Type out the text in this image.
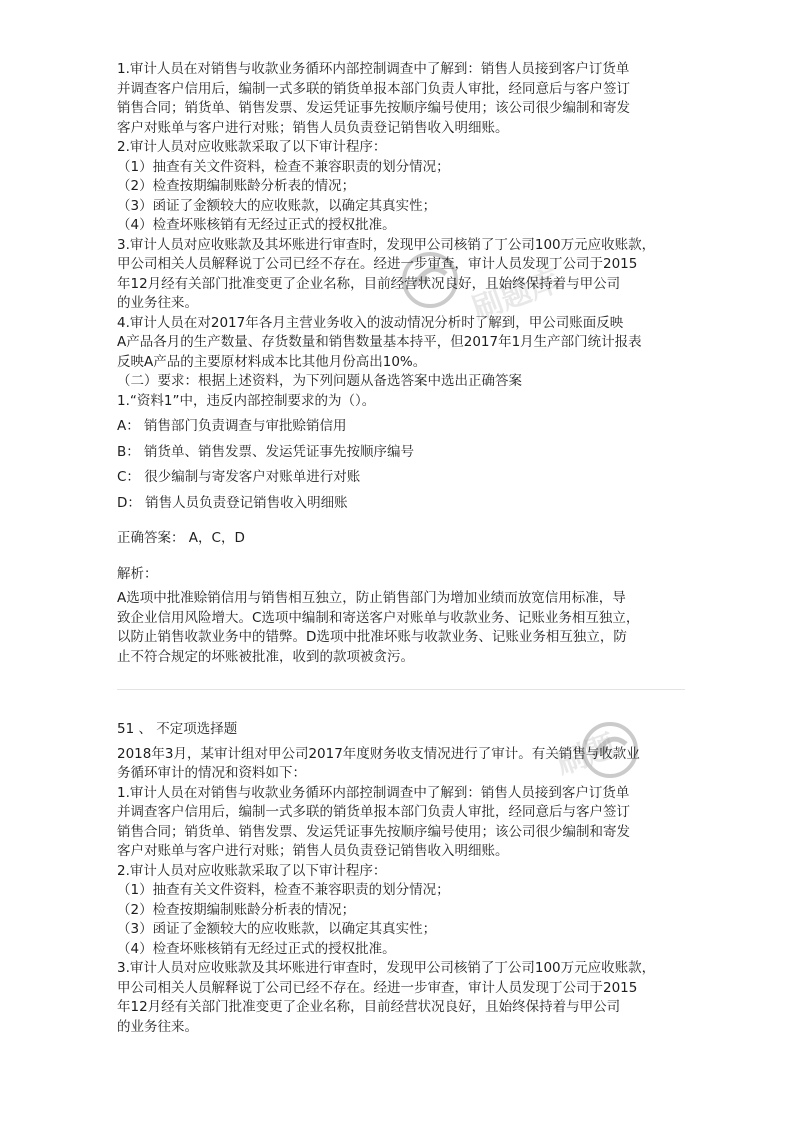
刷题库
刷题
1.审计人员在对销售与收款业务循环内部控制调查中了解到：销售人员接到客户订货单
并调查客户信用后，编制一式多联的销货单报本部门负责人审批，经同意后与客户签订
销售合同；销货单、销售发票、发运凭证事先按顺序编号使用；该公司很少编制和寄发
客户对账单与客户进行对账；销售人员负责登记销售收入明细账。
2.审计人员对应收账款采取了以下审计程序：
（1）抽查有关文件资料，检查不兼容职责的划分情况；
（2）检查按期编制账龄分析表的情况；
（3）函证了金额较大的应收账款，以确定其真实性；
（4）检查坏账核销有无经过正式的授权批准。
3.审计人员对应收账款及其坏账进行审查时，发现甲公司核销了丁公司100万元应收账款，
甲公司相关人员解释说丁公司已经不存在。经进一步审查，审计人员发现丁公司于2015
年12月经有关部门批准变更了企业名称，目前经营状况良好，且始终保持着与甲公司
的业务往来。
4.审计人员在对2017年各月主营业务收入的波动情况分析时了解到，甲公司账面反映
A产品各月的生产数量、存货数量和销售数量基本持平，但2017年1月生产部门统计报表
反映A产品的主要原材料成本比其他月份高出10%。
（二）要求：根据上述资料，为下列问题从备选答案中选出正确答案
1.“资料1”中，违反内部控制要求的为（）。
A： 销售部门负责调查与审批赊销信用
B： 销货单、销售发票、发运凭证事先按顺序编号
C： 很少编制与寄发客户对账单进行对账
D： 销售人员负责登记销售收入明细账
正确答案： A，C，D
解析：
A选项中批准赊销信用与销售相互独立，防止销售部门为增加业绩而放宽信用标准，导
致企业信用风险增大。C选项中编制和寄送客户对账单与收款业务、记账业务相互独立，
以防止销售收款业务中的错弊。D选项中批准坏账与收款业务、记账业务相互独立，防
止不符合规定的坏账被批准，收到的款项被贪污。
51 、 不定项选择题
2018年3月，某审计组对甲公司2017年度财务收支情况进行了审计。有关销售与收款业
务循环审计的情况和资料如下：
1.审计人员在对销售与收款业务循环内部控制调查中了解到：销售人员接到客户订货单
并调查客户信用后，编制一式多联的销货单报本部门负责人审批，经同意后与客户签订
销售合同；销货单、销售发票、发运凭证事先按顺序编号使用；该公司很少编制和寄发
客户对账单与客户进行对账；销售人员负责登记销售收入明细账。
2.审计人员对应收账款采取了以下审计程序：
（1）抽查有关文件资料，检查不兼容职责的划分情况；
（2）检查按期编制账龄分析表的情况；
（3）函证了金额较大的应收账款，以确定其真实性；
（4）检查坏账核销有无经过正式的授权批准。
3.审计人员对应收账款及其坏账进行审查时，发现甲公司核销了丁公司100万元应收账款，
甲公司相关人员解释说丁公司已经不存在。经进一步审查，审计人员发现丁公司于2015
年12月经有关部门批准变更了企业名称，目前经营状况良好，且始终保持着与甲公司
的业务往来。
